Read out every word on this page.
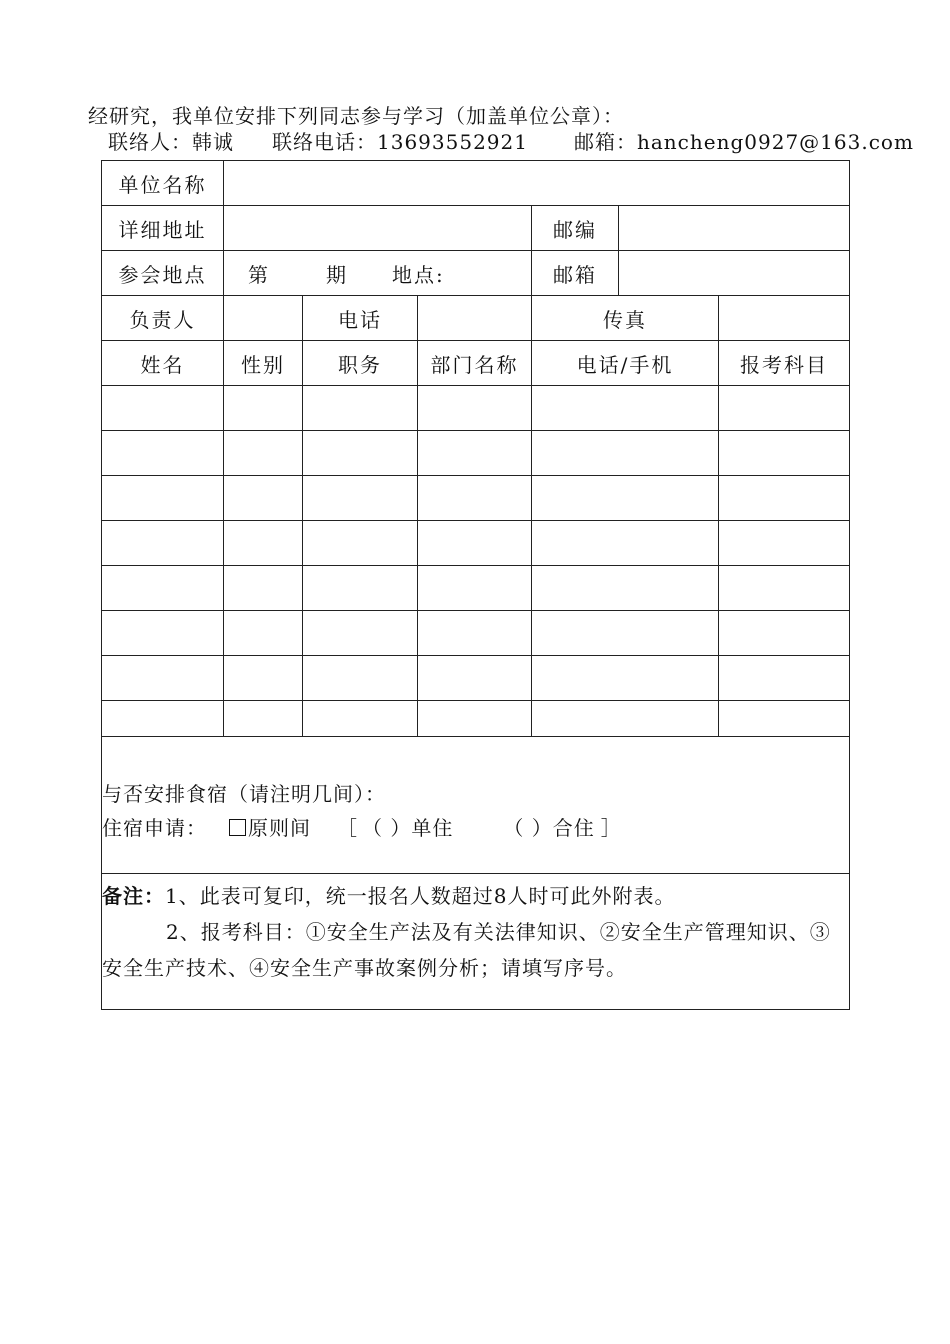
经研究，我单位安排下列同志参与学习（加盖单位公章）：
联络人：韩诚 联络电话：13693552921 邮箱：hancheng0927@163.com
单位名称						
详细地址				邮编		
参会地点	第 期 地点:			邮箱		
负责人		电话		传真		
姓名	性别	职务	部门名称	电话/手机		报考科目

与否安排食宿（请注明几间）：
住宿申请： 原则间 ［ （ ）单住 （ ）合住 ］						

备注：1、此表可复印，统一报名人数超过8人时可此外附表。
2、报考科目：①安全生产法及有关法律知识、②安全生产管理知识、③安全生产技术、④安全生产事故案例分析；请填写序号。						
